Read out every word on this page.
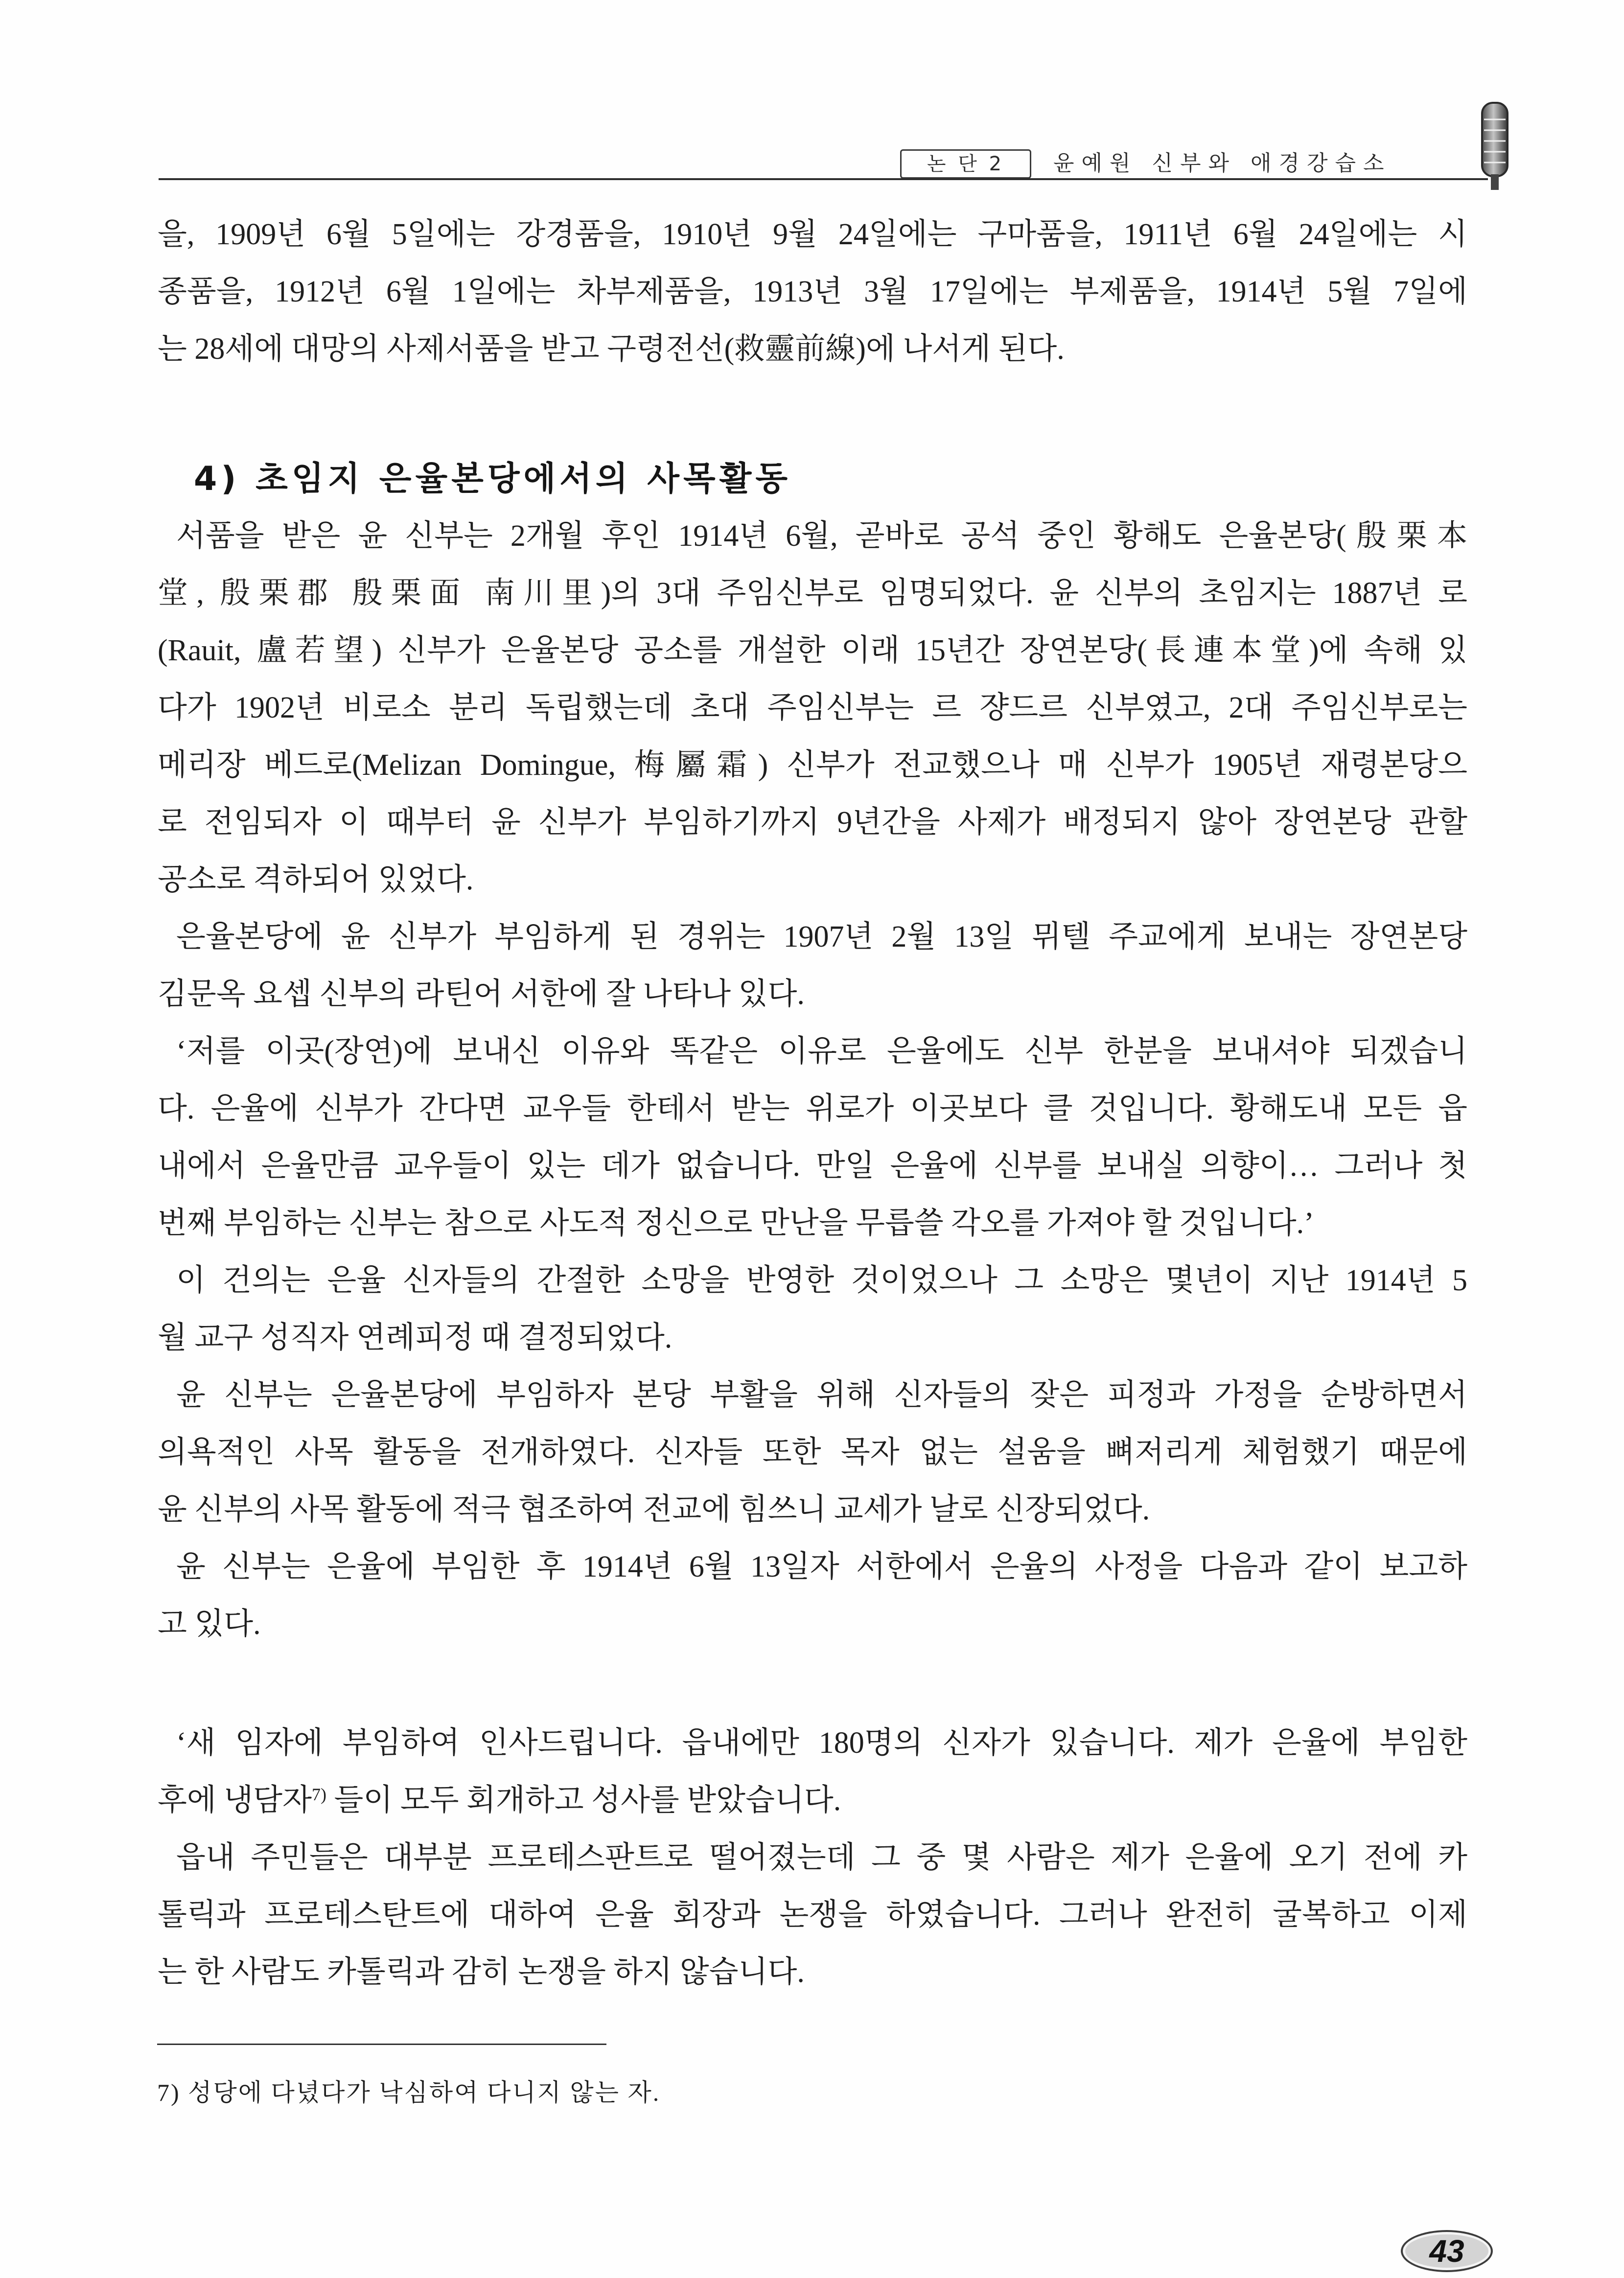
논 단 2	윤예원 신부와 애경강습소
을, 1909년 6월 5일에는 강경품을, 1910년 9월 24일에는 구마품을, 1911년 6월 24일에는 시
종품을, 1912년 6월 1일에는 차부제품을, 1913년 3월 17일에는 부제품을, 1914년 5월 7일에
는 28세에 대망의 사제서품을 받고 구령전선(救靈前線)에 나서게 된다.
4) 초임지 은율본당에서의 사목활동
서품을 받은 윤 신부는 2개월 후인 1914년 6월, 곧바로 공석 중인 황해도 은율본당(殷栗本
堂, 殷栗郡 殷栗面 南川里)의 3대 주임신부로 임명되었다. 윤 신부의 초임지는 1887년 로
(Rauit, 盧若望) 신부가 은율본당 공소를 개설한 이래 15년간 장연본당(長連本堂)에 속해 있
다가 1902년 비로소 분리 독립했는데 초대 주임신부는 르 쟝드르 신부였고, 2대 주임신부로는
메리장 베드로(Melizan Domingue, 梅屬霜) 신부가 전교했으나 매 신부가 1905년 재령본당으
로 전임되자 이 때부터 윤 신부가 부임하기까지 9년간을 사제가 배정되지 않아 장연본당 관할
공소로 격하되어 있었다.
은율본당에 윤 신부가 부임하게 된 경위는 1907년 2월 13일 뮈텔 주교에게 보내는 장연본당
김문옥 요셉 신부의 라틴어 서한에 잘 나타나 있다.
‘저를 이곳(장연)에 보내신 이유와 똑같은 이유로 은율에도 신부 한분을 보내셔야 되겠습니
다. 은율에 신부가 간다면 교우들 한테서 받는 위로가 이곳보다 클 것입니다. 황해도내 모든 읍
내에서 은율만큼 교우들이 있는 데가 없습니다. 만일 은율에 신부를 보내실 의향이… 그러나 첫
번째 부임하는 신부는 참으로 사도적 정신으로 만난을 무릅쓸 각오를 가져야 할 것입니다.’
이 건의는 은율 신자들의 간절한 소망을 반영한 것이었으나 그 소망은 몇년이 지난 1914년 5
월 교구 성직자 연례피정 때 결정되었다.
윤 신부는 은율본당에 부임하자 본당 부활을 위해 신자들의 잦은 피정과 가정을 순방하면서
의욕적인 사목 활동을 전개하였다. 신자들 또한 목자 없는 설움을 뼈저리게 체험했기 때문에
윤 신부의 사목 활동에 적극 협조하여 전교에 힘쓰니 교세가 날로 신장되었다.
윤 신부는 은율에 부임한 후 1914년 6월 13일자 서한에서 은율의 사정을 다음과 같이 보고하
고 있다.
‘새 임자에 부임하여 인사드립니다. 읍내에만 180명의 신자가 있습니다. 제가 은율에 부임한
후에 냉담자$^{7)}$ 들이 모두 회개하고 성사를 받았습니다.
읍내 주민들은 대부분 프로테스판트로 떨어졌는데 그 중 몇 사람은 제가 은율에 오기 전에 카
톨릭과 프로테스탄트에 대하여 은율 회장과 논쟁을 하였습니다. 그러나 완전히 굴복하고 이제
는 한 사람도 카톨릭과 감히 논쟁을 하지 않습니다.
7) 성당에 다녔다가 낙심하여 다니지 않는 자.
43
